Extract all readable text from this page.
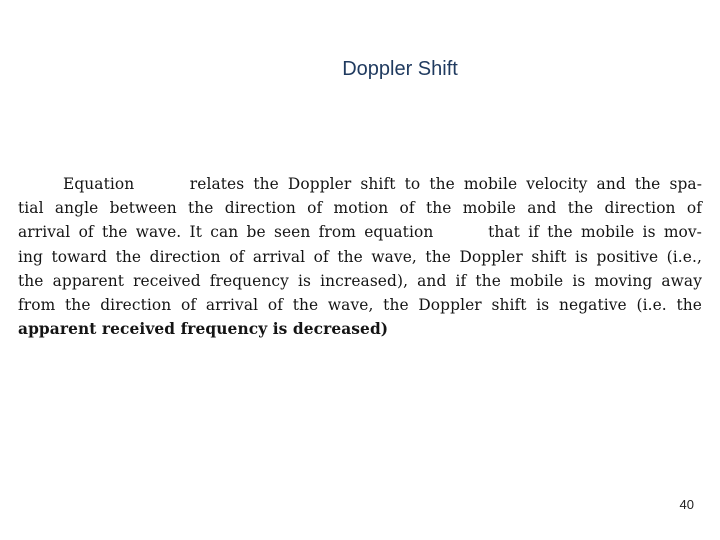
Doppler Shift
Equation    relates the Doppler shift to the mobile velocity and the spa-
tial angle between the direction of motion of the mobile and the direction of
arrival of the wave. It can be seen from equation    that if the mobile is mov-
ing toward the direction of arrival of the wave, the Doppler shift is positive (i.e.,
the apparent received frequency is increased), and if the mobile is moving away
from the direction of arrival of the wave, the Doppler shift is negative (i.e. the
apparent received frequency is decreased)
40
